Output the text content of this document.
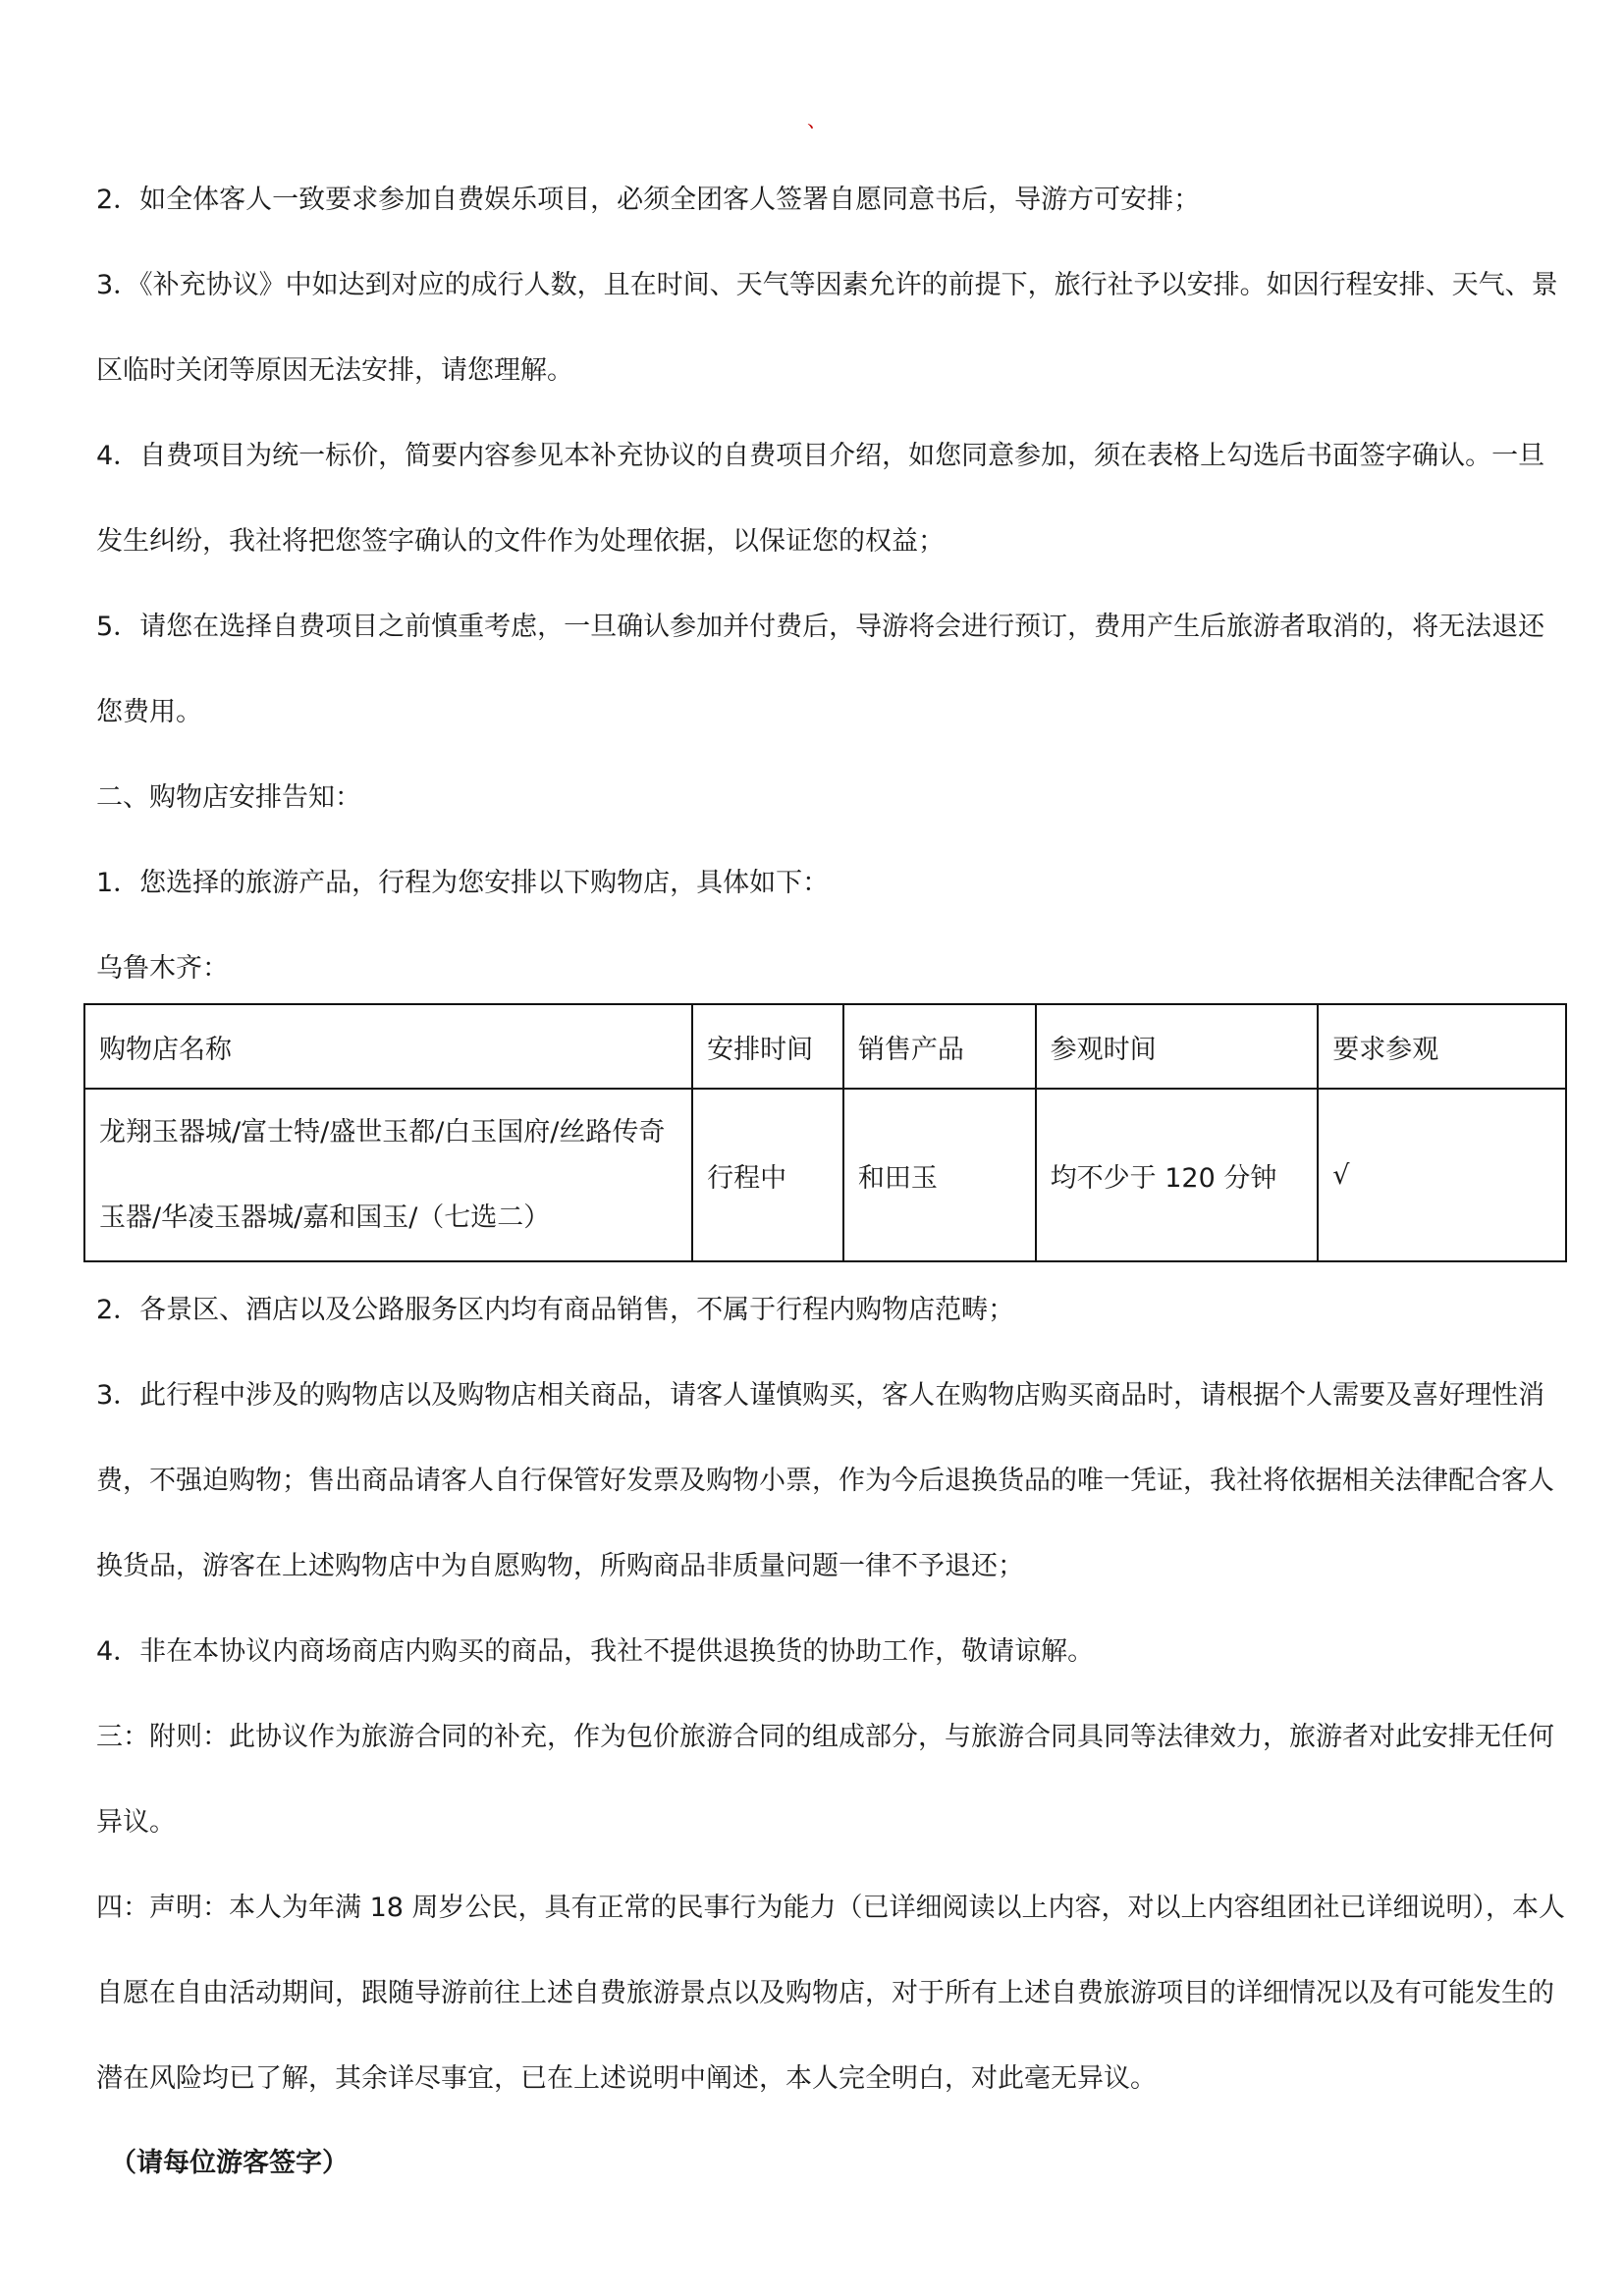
、

2．如全体客人一致要求参加自费娱乐项目，必须全团客人签署自愿同意书后，导游方可安排；

3．《补充协议》中如达到对应的成行人数，且在时间、天气等因素允许的前提下，旅行社予以安排。如因行程安排、天气、景区临时关闭等原因无法安排，请您理解。

4．自费项目为统一标价，简要内容参见本补充协议的自费项目介绍，如您同意参加，须在表格上勾选后书面签字确认。一旦发生纠纷，我社将把您签字确认的文件作为处理依据，以保证您的权益；

5．请您在选择自费项目之前慎重考虑，一旦确认参加并付费后，导游将会进行预订，费用产生后旅游者取消的，将无法退还您费用。

二、购物店安排告知：

1．您选择的旅游产品，行程为您安排以下购物店，具体如下：

乌鲁木齐：

购物店名称	安排时间	销售产品	参观时间	要求参观
龙翔玉器城/富士特/盛世玉都/白玉国府/丝路传奇玉器/华凌玉器城/嘉和国玉/（七选二）	行程中	和田玉	均不少于 120 分钟	√

2．各景区、酒店以及公路服务区内均有商品销售，不属于行程内购物店范畴；

3．此行程中涉及的购物店以及购物店相关商品，请客人谨慎购买，客人在购物店购买商品时，请根据个人需要及喜好理性消费，不强迫购物；售出商品请客人自行保管好发票及购物小票，作为今后退换货品的唯一凭证，我社将依据相关法律配合客人换货品，游客在上述购物店中为自愿购物，所购商品非质量问题一律不予退还；

4．非在本协议内商场商店内购买的商品，我社不提供退换货的协助工作，敬请谅解。

三：附则：此协议作为旅游合同的补充，作为包价旅游合同的组成部分，与旅游合同具同等法律效力，旅游者对此安排无任何异议。

四：声明：本人为年满 18 周岁公民，具有正常的民事行为能力（已详细阅读以上内容，对以上内容组团社已详细说明），本人自愿在自由活动期间，跟随导游前往上述自费旅游景点以及购物店，对于所有上述自费旅游项目的详细情况以及有可能发生的潜在风险均已了解，其余详尽事宜，已在上述说明中阐述，本人完全明白，对此毫无异议。

（请每位游客签字）
